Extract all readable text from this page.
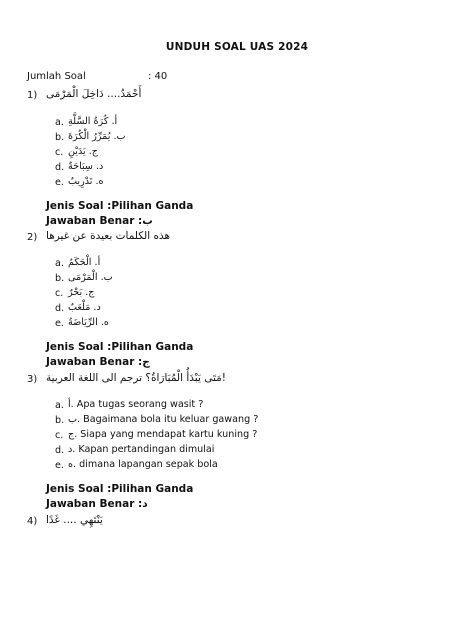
UNDUH SOAL UAS 2024
Jumlah Soal	: 40
1) أَحْمَدُ.... دَاخِلَ الْمَرْمَى
a. أ. كُرَةُ السَّلَّةِ
b. ب. يُمَرِّرُ الْكُرَةَ
c. ج. يَدَيْنِ
d. د. سِبَاحَةٌ
e. ه. تَدْرِيبٌ
Jenis Soal :Pilihan Ganda
Jawaban Benar :ب
2) هذه الكلمات بعيدة عن غيرها
a. أ. الْحَكَمُ
b. ب. الْمَرْمَى
c. ج. بَحْرٌ
d. د. مَلْعَبٌ
e. ه. الرِّيَاضَةُ
Jenis Soal :Pilihan Ganda
Jawaban Benar :ج
3) مَتَى يَبْدَأُ الْمُبَارَاةُ؟ ترجم الى اللغة العربية!
a. أ. Apa tugas seorang wasit ?
b. ب. Bagaimana bola itu keluar gawang ?
c. ج. Siapa yang mendapat kartu kuning ?
d. د. Kapan pertandingan dimulai
e. ه. dimana lapangan sepak bola
Jenis Soal :Pilihan Ganda
Jawaban Benar :د
4) يَنْتَهِي .... غَدًا
